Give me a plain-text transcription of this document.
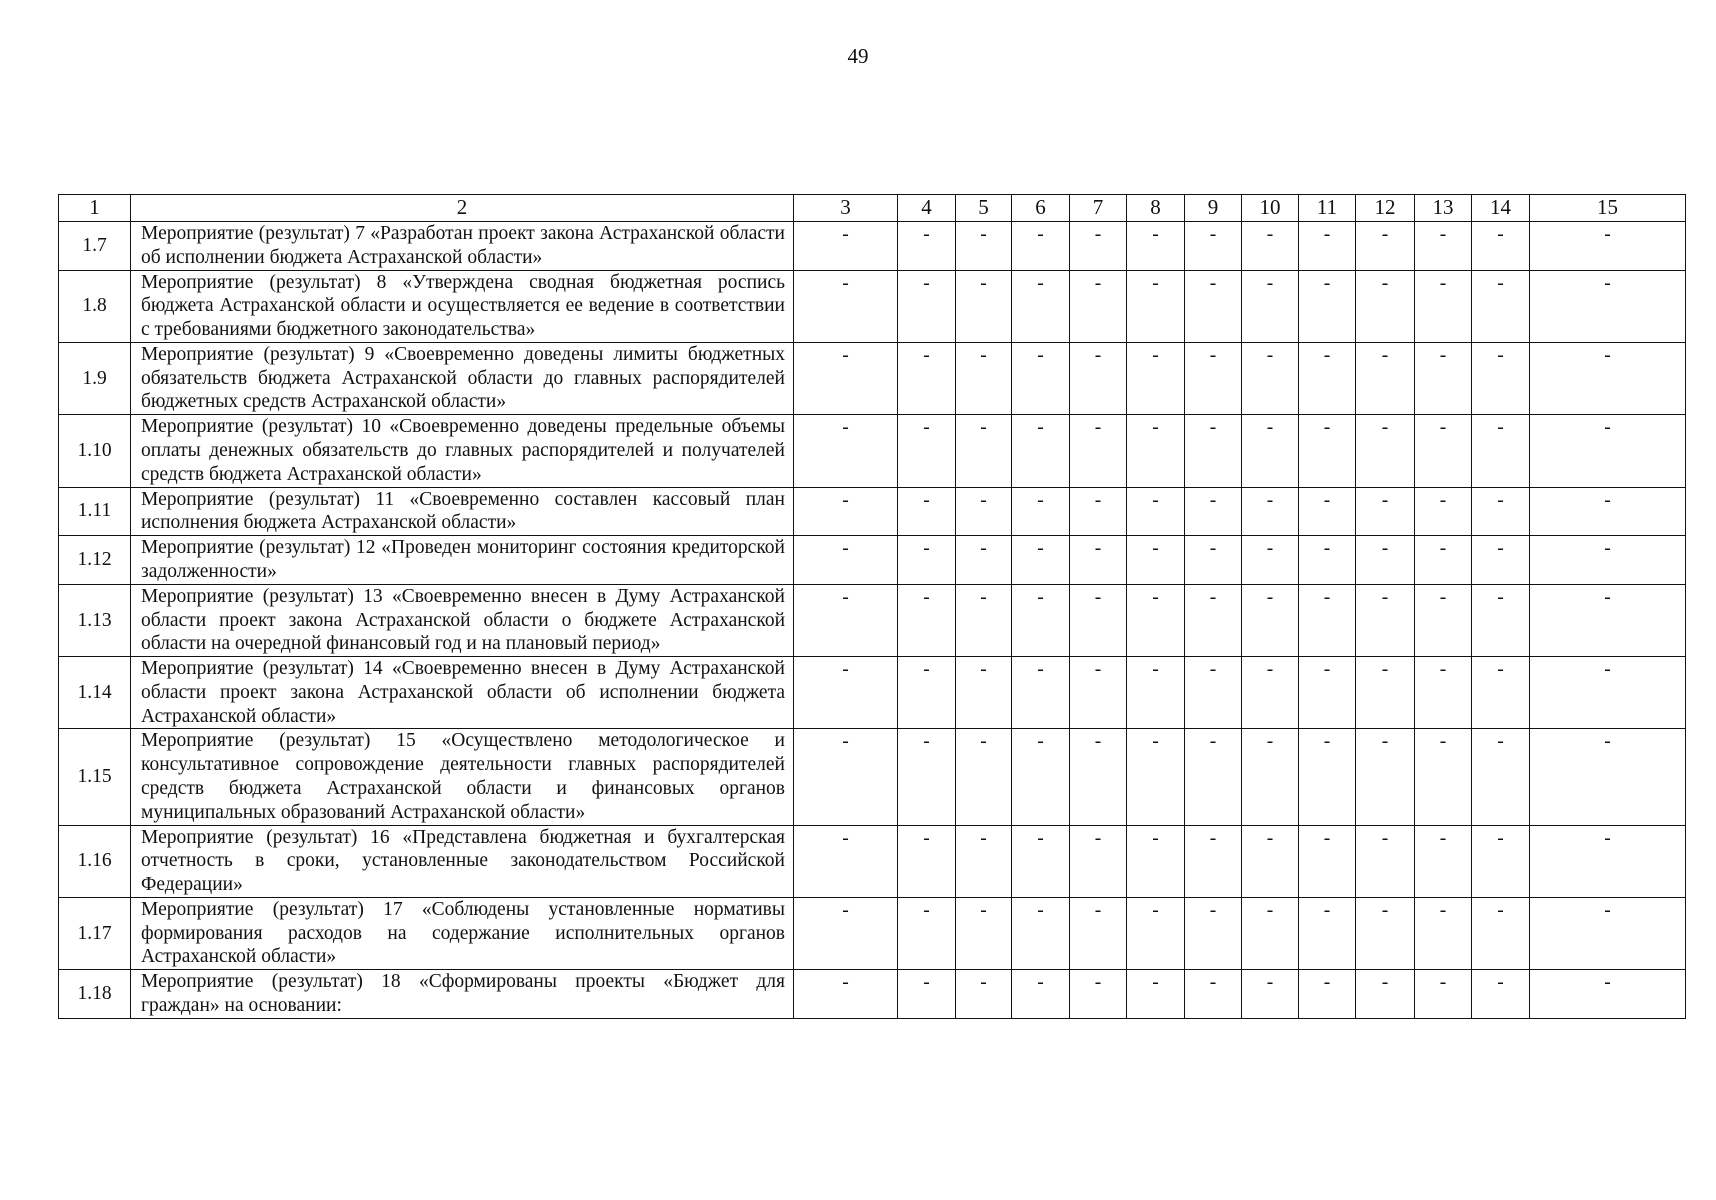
49
1	2	3	4	5	6	7	8	9	10	11	12	13	14	15
1.7	Мероприятие (результат) 7 «Разработан проект закона Астраханской области об исполнении бюджета Астраханской области»	-	-	-	-	-	-	-	-	-	-	-	-	-
1.8	Мероприятие (результат) 8 «Утверждена сводная бюджетная роспись бюджета Астраханской области и осуществляется ее ведение в соответствии с требованиями бюджетного законодательства»	-	-	-	-	-	-	-	-	-	-	-	-	-
1.9	Мероприятие (результат) 9 «Своевременно доведены лимиты бюджетных обязательств бюджета Астраханской области до главных распорядителей бюджетных средств Астраханской области»	-	-	-	-	-	-	-	-	-	-	-	-	-
1.10	Мероприятие (результат) 10 «Своевременно доведены предельные объемы оплаты денежных обязательств до главных распорядителей и получателей средств бюджета Астраханской области»	-	-	-	-	-	-	-	-	-	-	-	-	-
1.11	Мероприятие (результат) 11 «Своевременно составлен кассовый план исполнения бюджета Астраханской области»	-	-	-	-	-	-	-	-	-	-	-	-	-
1.12	Мероприятие (результат) 12 «Проведен мониторинг состояния кредиторской задолженности»	-	-	-	-	-	-	-	-	-	-	-	-	-
1.13	Мероприятие (результат) 13 «Своевременно внесен в Думу Астраханской области проект закона Астраханской области о бюджете Астраханской области на очередной финансовый год и на плановый период»	-	-	-	-	-	-	-	-	-	-	-	-	-
1.14	Мероприятие (результат) 14 «Своевременно внесен в Думу Астраханской области проект закона Астраханской области об исполнении бюджета Астраханской области»	-	-	-	-	-	-	-	-	-	-	-	-	-
1.15	Мероприятие (результат) 15 «Осуществлено методологическое и консультативное сопровождение деятельности главных распорядителей средств бюджета Астраханской области и финансовых органов муниципальных образований Астраханской области»	-	-	-	-	-	-	-	-	-	-	-	-	-
1.16	Мероприятие (результат) 16 «Представлена бюджетная и бухгалтерская отчетность в сроки, установленные законодательством Российской Федерации»	-	-	-	-	-	-	-	-	-	-	-	-	-
1.17	Мероприятие (результат) 17 «Соблюдены установленные нормативы формирования расходов на содержание исполнительных органов Астраханской области»	-	-	-	-	-	-	-	-	-	-	-	-	-
1.18	Мероприятие (результат) 18 «Сформированы проекты «Бюджет для граждан» на основании:	-	-	-	-	-	-	-	-	-	-	-	-	-
